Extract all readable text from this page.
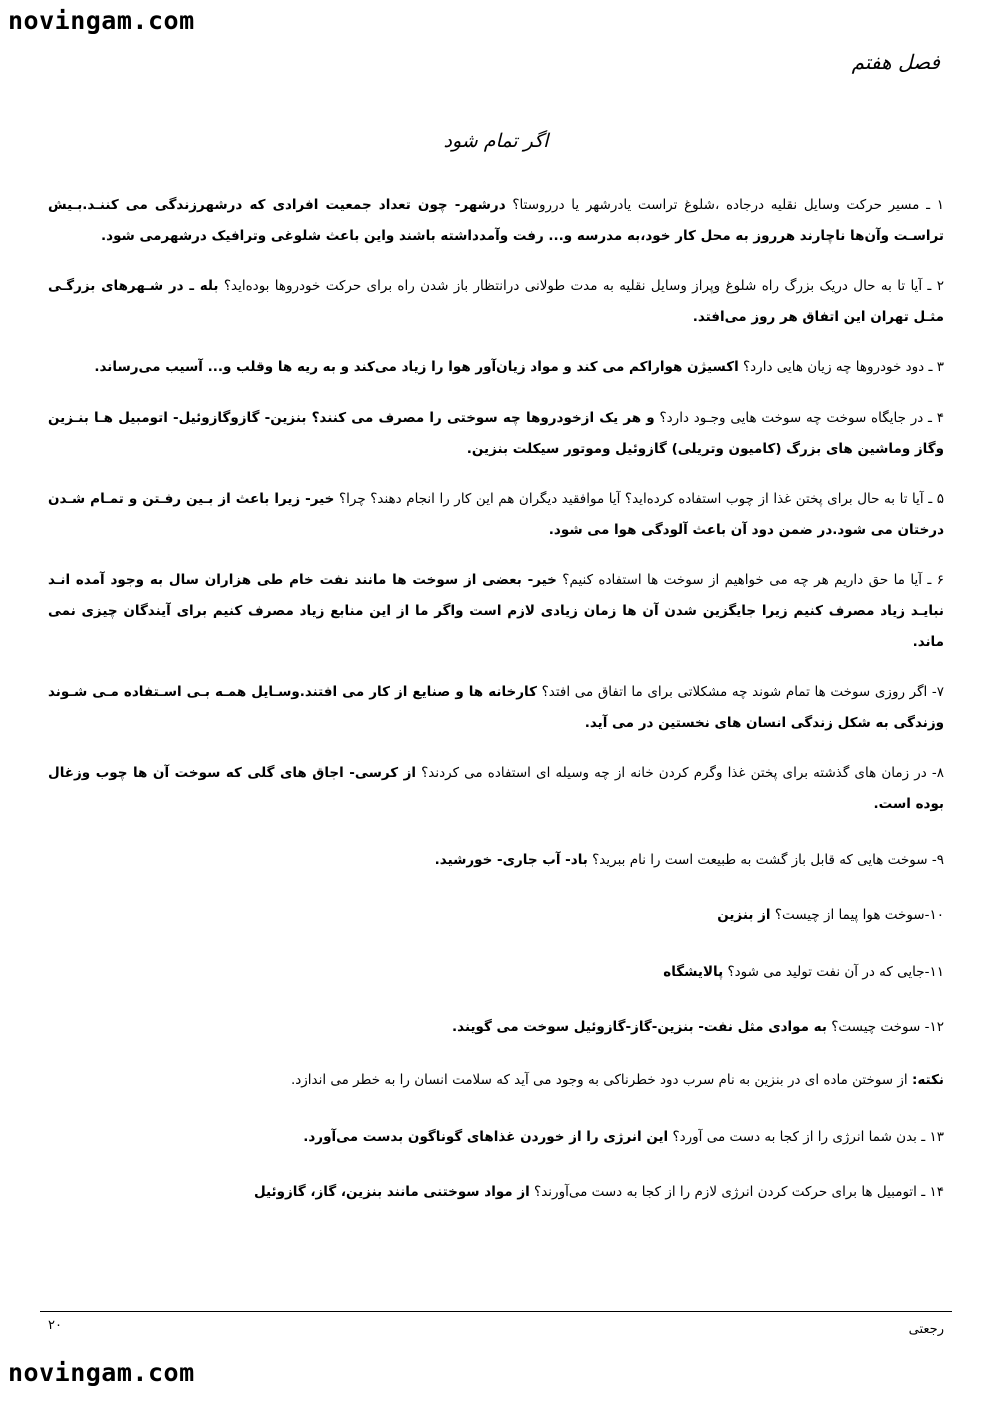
novingam.com
فصل هفتم
اگر تمام شود

۱ ـ مسیر حرکت وسایل نقلیه درجاده ،شلوغ تراست یادرشهر یا درروستا؟ درشهر- چون تعداد جمعیت افرادی که درشهرزندگی می کننـد.بـیش تراسـت وآن‌ها ناچارند هرروز به محل کار خود،به مدرسه و... رفت وآمدداشته باشند واین باعث شلوغی وترافیک درشهرمی شود.

۲ ـ آیا تا به حال دریک بزرگ راه شلوغ وپراز وسایل نقلیه به مدت طولانی درانتظار باز شدن راه برای حرکت خودروها بوده‌اید؟ بله ـ در شـهرهای بزرگـی مثـل تهران این اتفاق هر روز می‌افتد.

۳ ـ دود خودروها چه زیان هایی دارد؟ اکسیژن هواراکم می کند و مواد زیان‌آور هوا را زیاد می‌کند و به ریه ها وقلب و... آسیب می‌رساند.

۴ ـ در جایگاه سوخت چه سوخت هایی وجـود دارد؟ و هر یک ازخودروها چه سوختی را مصرف می کنند؟ بنزین- گازوگازوئیل- اتومبیل هـا بنـزین وگاز وماشین های بزرگ (کامیون وتریلی) گازوئیل وموتور سیکلت بنزین.

۵ ـ آیا تا به حال برای پختن غذا از چوب استفاده کرده‌اید؟ آیا موافقید دیگران هم این کار را انجام دهند؟ چرا؟ خیر- زیرا باعث از بـین رفـتن و تمـام شـدن درختان می شود.در ضمن دود آن باعث آلودگی هوا می شود.

۶ ـ آیا ما حق داریم هر چه می خواهیم از سوخت ها استفاده کنیم؟ خیر- بعضی از سوخت ها مانند نفت خام طی هزاران سال به وجود آمده انـد نبایـد زیاد مصرف کنیم زیرا جایگزین شدن آن ها زمان زیادی لازم است واگر ما از این منابع زیاد مصرف کنیم برای آیندگان چیزی نمی ماند.

۷- اگر روزی سوخت ها تمام شوند چه مشکلاتی برای ما اتفاق می افتد؟ کارخانه ها و صنایع از کار می افتند.وسـایل همـه بـی اسـتفاده مـی شـوند وزندگی به شکل زندگی انسان های نخستین در می آید.

۸- در زمان های گذشته برای پختن غذا وگرم کردن خانه از چه وسیله ای استفاده می کردند؟ از کرسی- اجاق های گلی که سوخت آن ها چوب وزغال بوده است.

۹- سوخت هایی که قابل باز گشت به طبیعت است را نام ببرید؟ باد- آب جاری- خورشید.

۱۰-سوخت هوا پیما از چیست؟ از بنزین

۱۱-جایی که در آن نفت تولید می شود؟ پالایشگاه

۱۲- سوخت چیست؟ به موادی مثل نفت- بنزین-گاز-گازوئیل سوخت می گویند.

نکته: از سوختن ماده ای در بنزین به نام سرب دود خطرناکی به وجود می آید که سلامت انسان را به خطر می اندازد.

۱۳ ـ بدن شما انرژی را از کجا به دست می آورد؟ این انرژی را از خوردن غذاهای گوناگون بدست می‌آورد.

۱۴ ـ اتومبیل ها برای حرکت کردن انرژی لازم را از کجا به دست می‌آورند؟ از مواد سوختنی مانند بنزین، گاز، گازوئیل

۲۰	رجعتی
novingam.com
